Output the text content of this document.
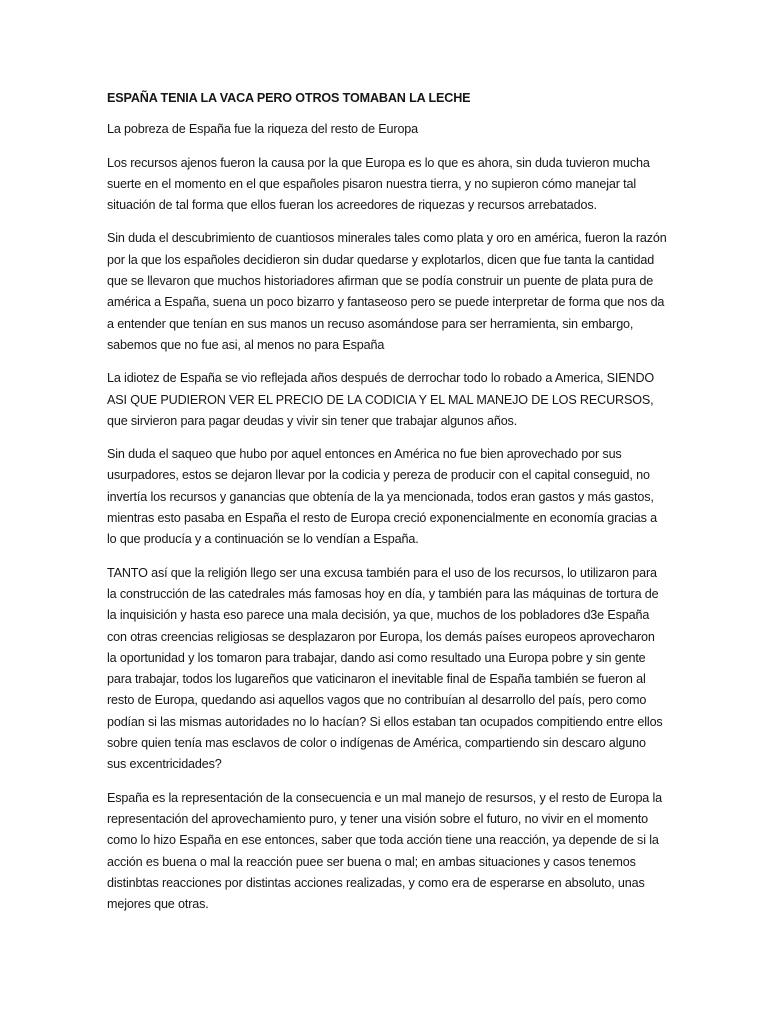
ESPAÑA TENIA LA VACA PERO OTROS TOMABAN LA LECHE

La pobreza de España fue la riqueza del resto de Europa

Los recursos ajenos fueron la causa por la que Europa es lo que es ahora, sin duda tuvieron mucha suerte en el momento en el que españoles pisaron nuestra tierra, y no supieron cómo manejar tal situación de tal forma que ellos fueran los acreedores de riquezas y recursos arrebatados.

Sin duda el descubrimiento de cuantiosos minerales tales como plata y oro en américa, fueron la razón por la que los españoles decidieron sin dudar quedarse y explotarlos, dicen que fue tanta la cantidad que se llevaron que muchos historiadores afirman que se podía construir un puente de plata pura de américa a España, suena un poco bizarro y fantaseoso pero se puede interpretar de forma que nos da a entender que tenían en sus manos un recuso asomándose para ser herramienta, sin embargo, sabemos que no fue asi, al menos no para España

La idiotez de España se vio reflejada años después de derrochar todo lo robado a America, SIENDO ASI QUE PUDIERON VER EL PRECIO DE LA CODICIA Y EL MAL MANEJO DE LOS RECURSOS, que sirvieron para pagar deudas y vivir sin tener que trabajar algunos años.

Sin duda el saqueo que hubo por aquel entonces en América no fue bien aprovechado por sus usurpadores, estos se dejaron llevar por la codicia y pereza de producir con el capital conseguid, no invertía los recursos y ganancias que obtenía de la ya mencionada, todos eran gastos y más gastos, mientras esto pasaba en España el resto de Europa creció exponencialmente en economía gracias a lo que producía y a continuación se lo vendían a España.

TANTO así que la religión llego ser una excusa también para el uso de los recursos, lo utilizaron para la construcción de las catedrales más famosas hoy en día, y también para las máquinas de tortura de la inquisición y hasta eso parece una mala decisión, ya que, muchos de los pobladores d3e España con otras creencias religiosas se desplazaron por Europa, los demás países europeos aprovecharon la oportunidad y los tomaron para trabajar, dando asi como resultado una Europa pobre y sin gente para trabajar, todos los lugareños que vaticinaron el inevitable final de España también se fueron al resto de Europa, quedando asi aquellos vagos que no contribuían al desarrollo del país, pero como podían si las mismas autoridades no lo hacían? Si ellos estaban tan ocupados compitiendo entre ellos sobre quien tenía mas esclavos de color o indígenas de América, compartiendo sin descaro alguno sus excentricidades?

España es la representación de la consecuencia e un mal manejo de resursos, y el resto de Europa la representación del aprovechamiento puro, y tener una visión sobre el futuro, no vivir en el momento como lo hizo España en ese entonces, saber que toda acción tiene una reacción, ya depende de si la acción es buena o mal la reacción puee ser buena o mal; en ambas situaciones y casos tenemos distinbtas reacciones por distintas acciones realizadas, y como era de esperarse en absoluto, unas mejores que otras.
